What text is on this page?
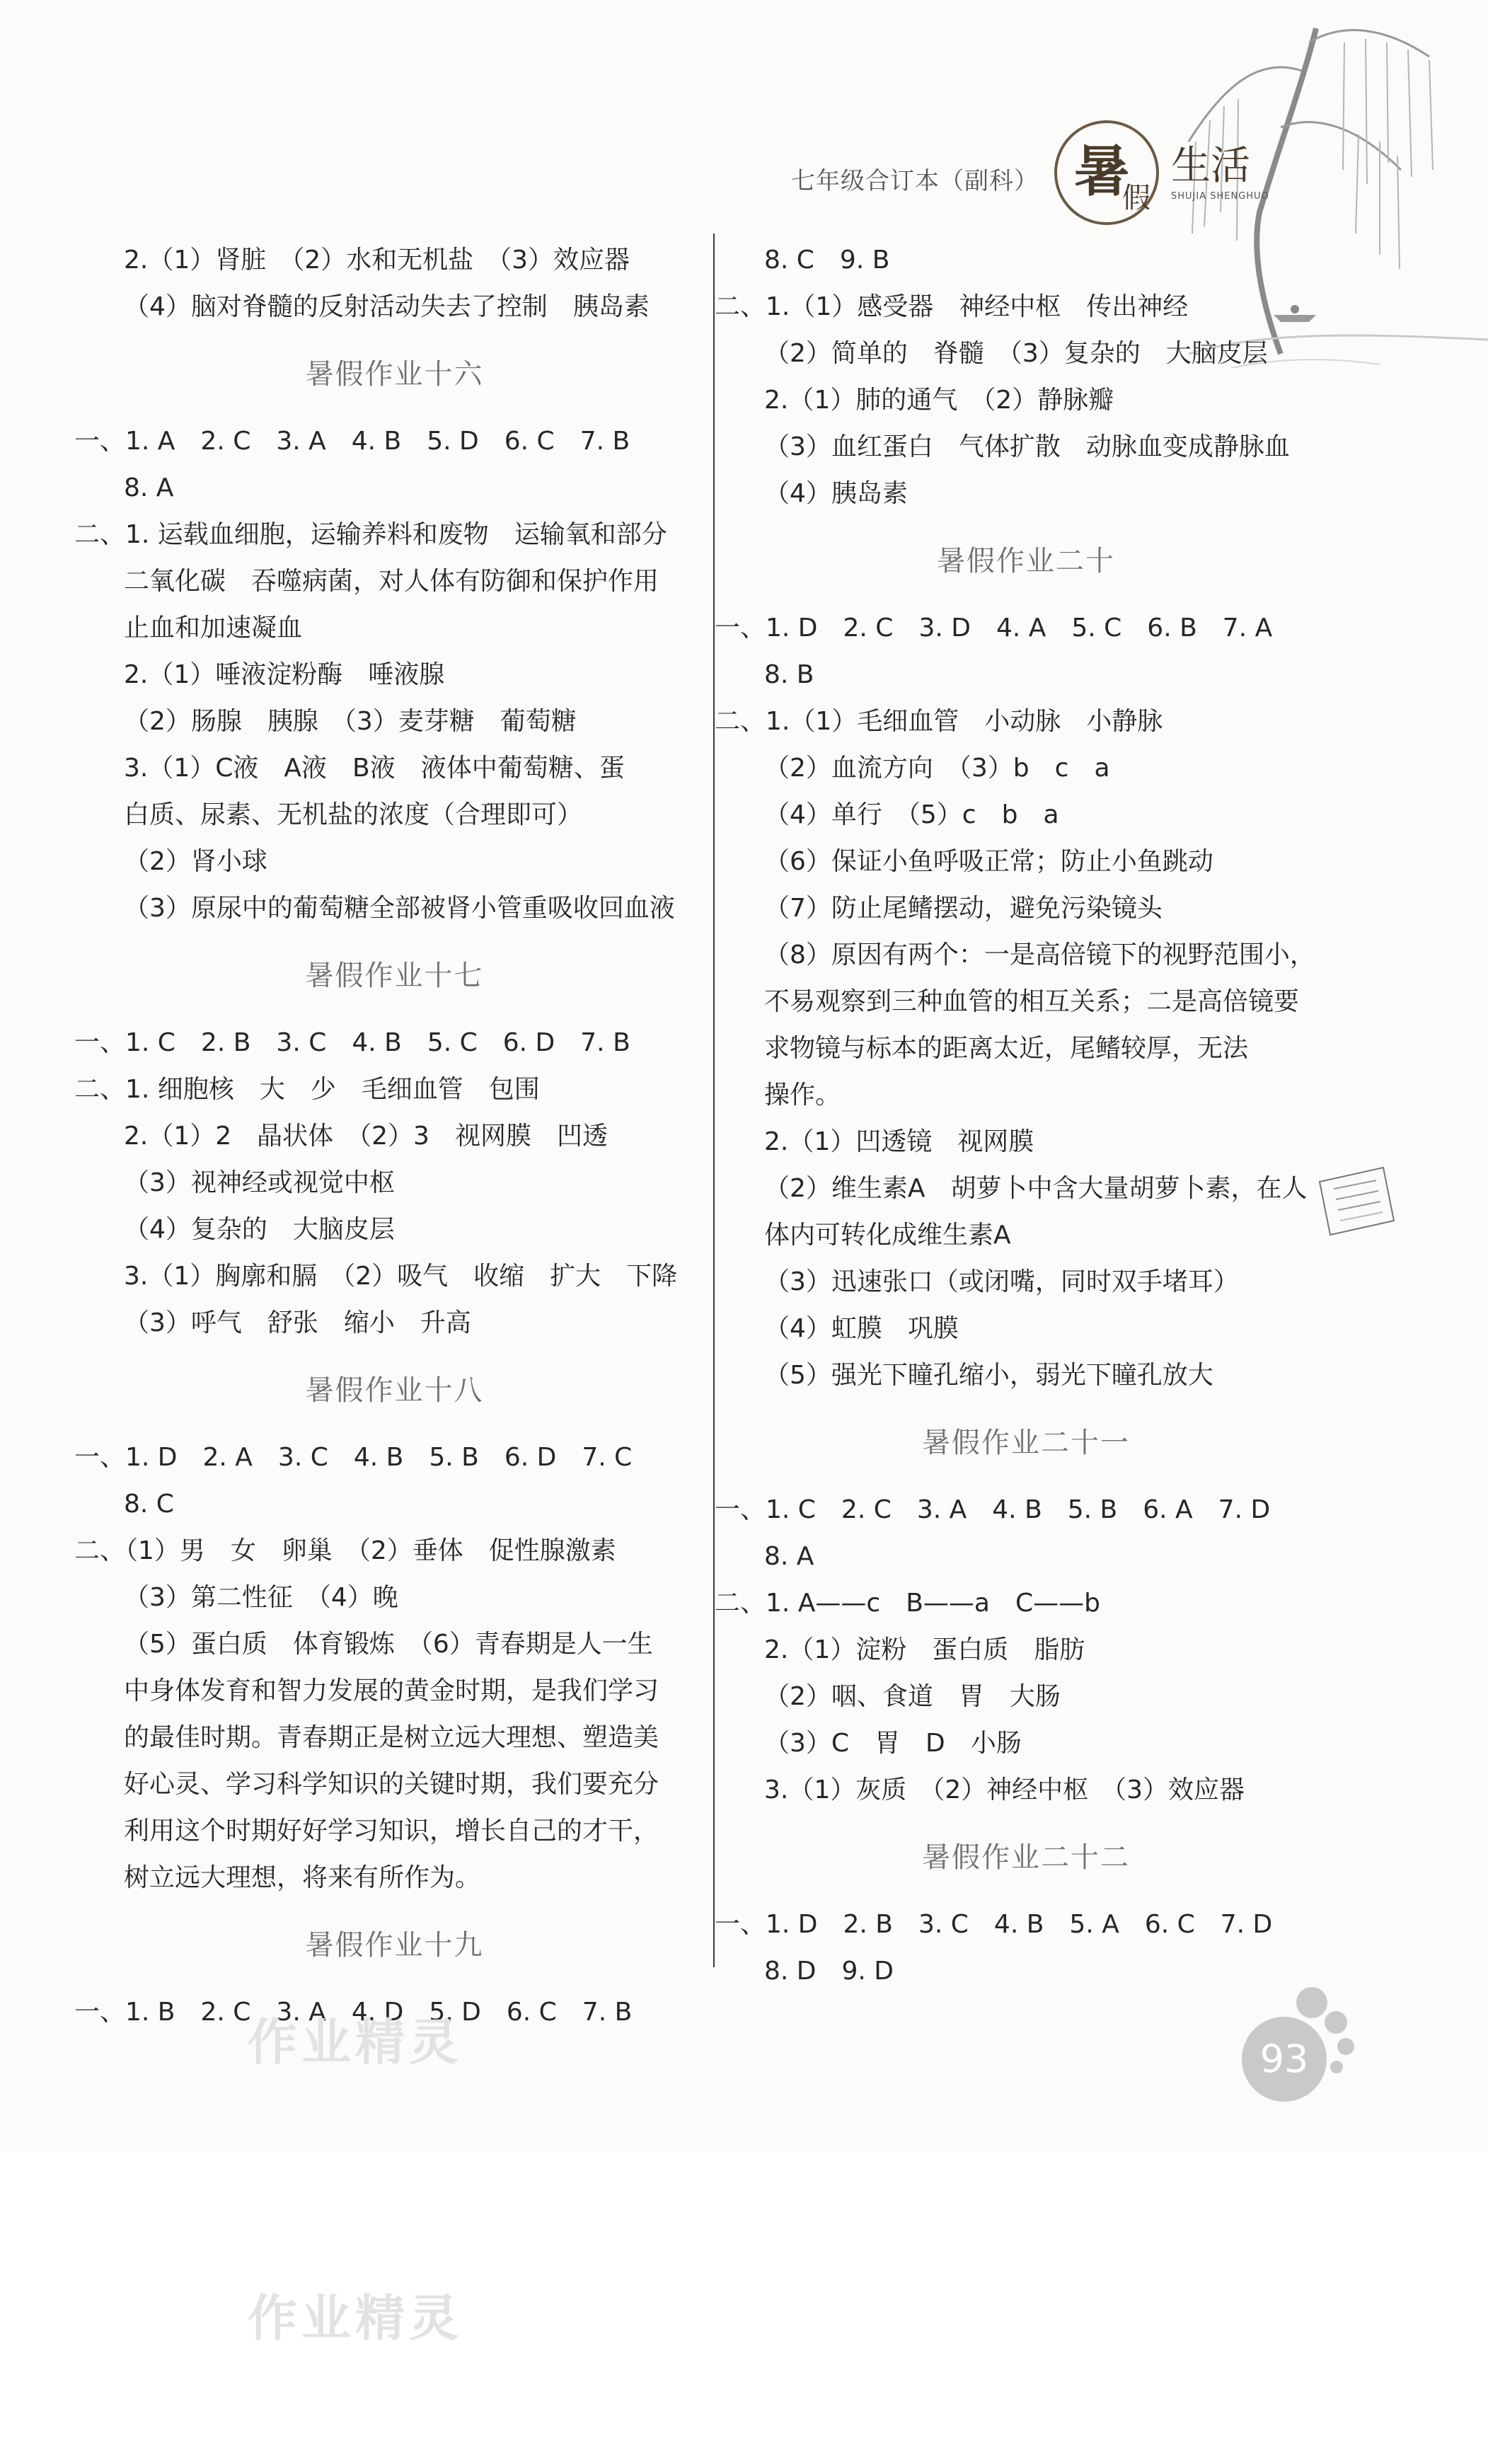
七年级合订本（副科） 暑
假
生活
SHUJIA SHENGHUO
2.（1）肾脏　（2）水和无机盐　（3）效应器
（4）脑对脊髓的反射活动失去了控制　胰岛素
暑假作业十六
一、1. A　2. C　3. A　4. B　5. D　6. C　7. B
8. A
二、1. 运载血细胞，运输养料和废物　运输氧和部分
二氧化碳　吞噬病菌，对人体有防御和保护作用
止血和加速凝血
2.（1）唾液淀粉酶　唾液腺
（2）肠腺　胰腺　（3）麦芽糖　葡萄糖
3.（1）C液　A液　B液　液体中葡萄糖、蛋
白质、尿素、无机盐的浓度（合理即可）
（2）肾小球
（3）原尿中的葡萄糖全部被肾小管重吸收回血液
暑假作业十七
一、1. C　2. B　3. C　4. B　5. C　6. D　7. B
二、1. 细胞核　大　少　毛细血管　包围
2.（1）2　晶状体　（2）3　视网膜　凹透
（3）视神经或视觉中枢
（4）复杂的　大脑皮层
3.（1）胸廓和膈　（2）吸气　收缩　扩大　下降
（3）呼气　舒张　缩小　升高
暑假作业十八
一、1. D　2. A　3. C　4. B　5. B　6. D　7. C
8. C
二、（1）男　女　卵巢　（2）垂体　促性腺激素
（3）第二性征　（4）晚
（5）蛋白质　体育锻炼　（6）青春期是人一生
中身体发育和智力发展的黄金时期，是我们学习
的最佳时期。青春期正是树立远大理想、塑造美
好心灵、学习科学知识的关键时期，我们要充分
利用这个时期好好学习知识，增长自己的才干，
树立远大理想，将来有所作为。
暑假作业十九
一、1. B　2. C　3. A　4. D　5. D　6. C　7. B
8. C　9. B
二、1.（1）感受器　神经中枢　传出神经
（2）简单的　脊髓　（3）复杂的　大脑皮层
2.（1）肺的通气　（2）静脉瓣
（3）血红蛋白　气体扩散　动脉血变成静脉血
（4）胰岛素
暑假作业二十
一、1. D　2. C　3. D　4. A　5. C　6. B　7. A
8. B
二、1.（1）毛细血管　小动脉　小静脉
（2）血流方向　（3）b　c　a
（4）单行　（5）c　b　a
（6）保证小鱼呼吸正常；防止小鱼跳动
（7）防止尾鳍摆动，避免污染镜头
（8）原因有两个：一是高倍镜下的视野范围小，
不易观察到三种血管的相互关系；二是高倍镜要
求物镜与标本的距离太近，尾鳍较厚，无法
操作。
2.（1）凹透镜　视网膜
（2）维生素A　胡萝卜中含大量胡萝卜素，在人
体内可转化成维生素A
（3）迅速张口（或闭嘴，同时双手堵耳）
（4）虹膜　巩膜
（5）强光下瞳孔缩小，弱光下瞳孔放大
暑假作业二十一
一、1. C　2. C　3. A　4. B　5. B　6. A　7. D
8. A
二、1. A——c　B——a　C——b
2.（1）淀粉　蛋白质　脂肪
（2）咽、食道　胃　大肠
（3）C　胃　D　小肠
3.（1）灰质　（2）神经中枢　（3）效应器
暑假作业二十二
一、1. D　2. B　3. C　4. B　5. A　6. C　7. D
8. D　9. D
93
作业精灵
作业精灵
